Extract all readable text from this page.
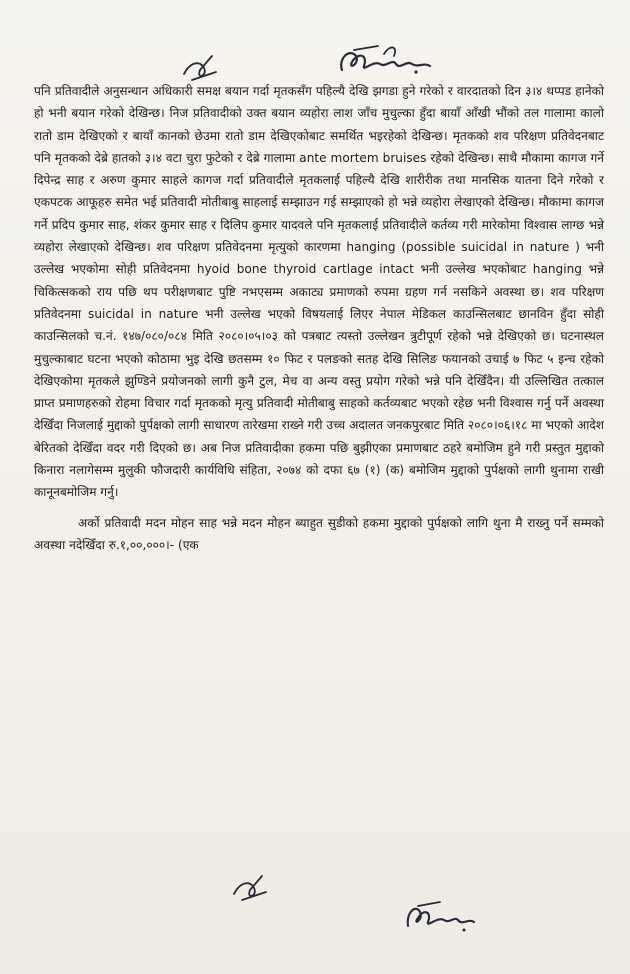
पनि प्रतिवादीले अनुसन्धान अधिकारी समक्ष बयान गर्दा मृतकसँग पहिल्यै देखि झगडा हुने गरेको र वारदातको दिन ३।४ थप्पड हानेको हो भनी बयान गरेको देखिन्छ। निज प्रतिवादीको उक्त बयान व्यहोरा लाश जाँच मुचुल्का हुँदा बायाँ आँखी भौंको तल गालामा कालो रातो डाम देखिएको र बायाँ कानको छेउमा रातो डाम देखिएकोबाट समर्थित भइरहेको देखिन्छ। मृतकको शव परिक्षण प्रतिवेदनबाट पनि मृतकको देब्रे हातको ३।४ वटा चुरा फुटेको र देब्रे गालामा ante mortem bruises रहेको देखिन्छ। साथै मौकामा कागज गर्ने दिपेन्द्र साह र अरुण कुमार साहले कागज गर्दा प्रतिवादीले मृतकलाई पहिल्यै देखि शारीरीक तथा मानसिक यातना दिने गरेको र एकपटक आफूहरु समेत भई प्रतिवादी मोतीबाबु साहलाई सम्झाउन गई सम्झाएको हो भन्ने व्यहोरा लेखाएको देखिन्छ। मौकामा कागज गर्ने प्रदिप कुमार साह, शंकर कुमार साह र दिलिप कुमार यादवले पनि मृतकलाई प्रतिवादीले कर्तव्य गरी मारेकोमा विश्वास लाग्छ भन्ने व्यहोरा लेखाएको देखिन्छ। शव परिक्षण प्रतिवेदनमा मृत्युको कारणमा hanging (possible suicidal in nature ) भनी उल्लेख भएकोमा सोही प्रतिवेदनमा hyoid bone thyroid cartlage intact भनी उल्लेख भएकोबाट hanging भन्ने चिकित्सकको राय पछि थप परीक्षणबाट पुष्टि नभएसम्म अकाट्य प्रमाणको रुपमा ग्रहण गर्न नसकिने अवस्था छ। शव परिक्षण प्रतिवेदनमा suicidal in nature भनी उल्लेख भएको विषयलाई लिएर नेपाल मेडिकल काउन्सिलबाट छानविन हुँदा सोही काउन्सिलको च.नं. १४७/०८०/०८४ मिति २०८०।०५।०३ को पत्रबाट त्यस्तो उल्लेखन त्रुटीपूर्ण रहेको भन्ने देखिएको छ। घटनास्थल मुचुल्काबाट घटना भएको कोठामा भुइ देखि छतसम्म १० फिट र पलङको सतह देखि सिलिङ फयानको उचाई ७ फिट ५ इन्च रहेको देखिएकोमा मृतकले झुण्डिने प्रयोजनको लागी कुनै टुल, मेच वा अन्य वस्तु प्रयोग गरेको भन्ने पनि देखिँदैन। यी उल्लिखित तत्काल प्राप्त प्रमाणहरुको रोहमा विचार गर्दा मृतकको मृत्यु प्रतिवादी मोतीबाबु साहको कर्तव्यबाट भएको रहेछ भनी विश्वास गर्नु पर्ने अवस्था देखिँदा निजलाई मुद्दाको पुर्पक्षको लागी साधारण तारेखमा राख्ने गरी उच्च अदालत जनकपुरबाट मिति २०८०।०६।१८ मा भएको आदेश बेरितको देखिँदा वदर गरी दिएको छ। अब निज प्रतिवादीका हकमा पछि बुझीएका प्रमाणबाट ठहरे बमोजिम हुने गरी प्रस्तुत मुद्दाको किनारा नलागेसम्म मुलुकी फौजदारी कार्यविधि संहिता, २०७४ को दफा ६७ (१) (क) बमोजिम मुद्दाको पुर्पक्षको लागी थुनामा राखी कानूनबमोजिम गर्नु।

अर्को प्रतिवादी मदन मोहन साह भन्ने मदन मोहन ब्याहुत सुडीको हकमा मुद्दाको पुर्पक्षको लागि थुना मै राख्नु पर्ने सम्मको अवस्था नदेखिँदा रु.१,००,०००।- (एक
